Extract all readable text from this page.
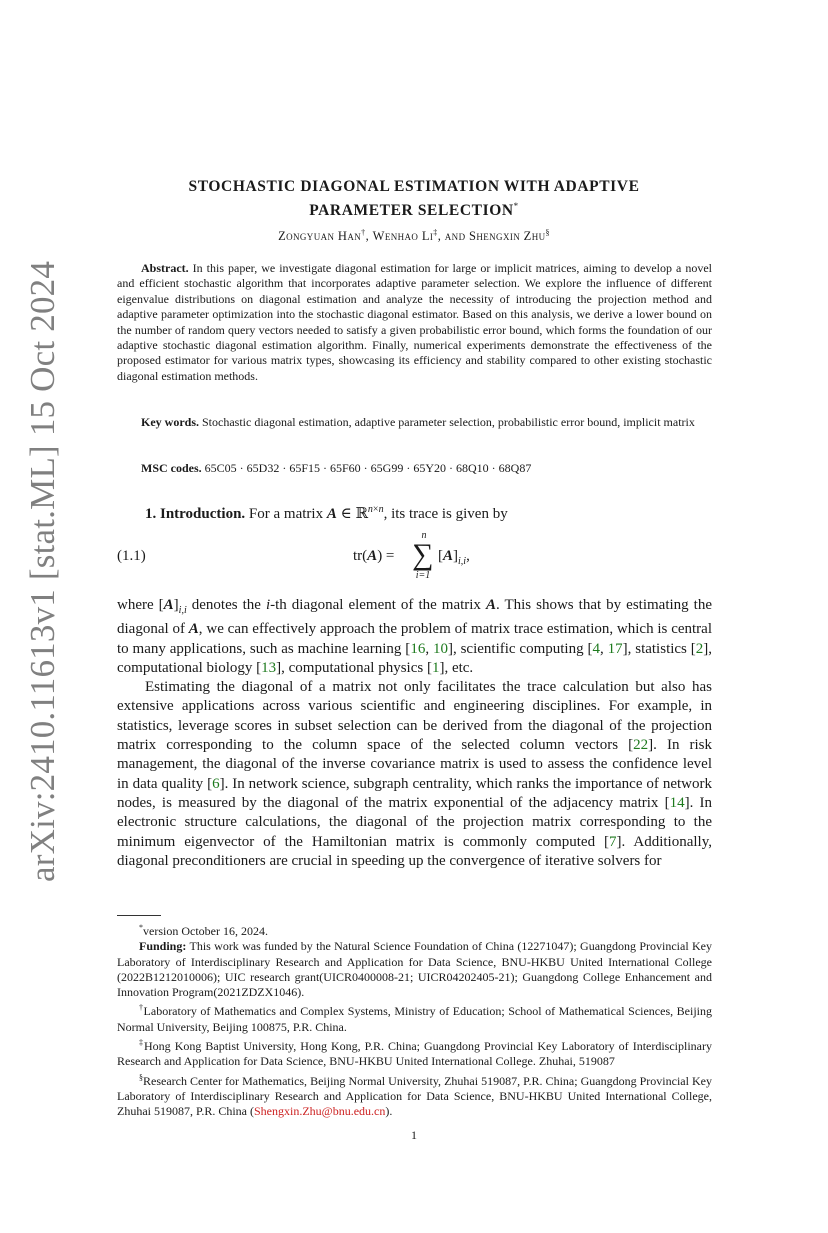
arXiv:2410.11613v1 [stat.ML] 15 Oct 2024
STOCHASTIC DIAGONAL ESTIMATION WITH ADAPTIVE
PARAMETER SELECTION*
Zongyuan Han†, Wenhao Li‡, and Shengxin Zhu§

Abstract. In this paper, we investigate diagonal estimation for large or implicit matrices, aiming to develop a novel and efficient stochastic algorithm that incorporates adaptive parameter selection. We explore the influence of different eigenvalue distributions on diagonal estimation and analyze the necessity of introducing the projection method and adaptive parameter optimization into the stochastic diagonal estimator. Based on this analysis, we derive a lower bound on the number of random query vectors needed to satisfy a given probabilistic error bound, which forms the foundation of our adaptive stochastic diagonal estimation algorithm. Finally, numerical experiments demonstrate the effectiveness of the proposed estimator for various matrix types, showcasing its efficiency and stability compared to other existing stochastic diagonal estimation methods.

Key words. Stochastic diagonal estimation, adaptive parameter selection, probabilistic error bound, implicit matrix

MSC codes. 65C05 · 65D32 · 65F15 · 65F60 · 65G99 · 65Y20 · 68Q10 · 68Q87

1. Introduction. For a matrix A ∈ ℝ$^{n\times n}$, its trace is given by

(1.1)	tr(A) =
n
∑
i=1
$[A]_{i,i}$,

where $[A]_{i,i}$ denotes the i-th diagonal element of the matrix A. This shows that by estimating the diagonal of A, we can effectively approach the problem of matrix trace estimation, which is central to many applications, such as machine learning [16, 10], scientific computing [4, 17], statistics [2], computational biology [13], computational physics [1], etc.

Estimating the diagonal of a matrix not only facilitates the trace calculation but also has extensive applications across various scientific and engineering disciplines. For example, in statistics, leverage scores in subset selection can be derived from the diagonal of the projection matrix corresponding to the column space of the selected column vectors [22]. In risk management, the diagonal of the inverse covariance matrix is used to assess the confidence level in data quality [6]. In network science, subgraph centrality, which ranks the importance of network nodes, is measured by the diagonal of the matrix exponential of the adjacency matrix [14]. In electronic structure calculations, the diagonal of the projection matrix corresponding to the minimum eigenvector of the Hamiltonian matrix is commonly computed [7]. Additionally, diagonal preconditioners are crucial in speeding up the convergence of iterative solvers for

*version October 16, 2024.

Funding: This work was funded by the Natural Science Foundation of China (12271047); Guangdong Provincial Key Laboratory of Interdisciplinary Research and Application for Data Science, BNU-HKBU United International College (2022B1212010006); UIC research grant(UICR0400008-21; UICR04202405-21); Guangdong College Enhancement and Innovation Program(2021ZDZX1046).

†Laboratory of Mathematics and Complex Systems, Ministry of Education; School of Mathematical Sciences, Beijing Normal University, Beijing 100875, P.R. China.

‡Hong Kong Baptist University, Hong Kong, P.R. China; Guangdong Provincial Key Laboratory of Interdisciplinary Research and Application for Data Science, BNU-HKBU United International College. Zhuhai, 519087

§Research Center for Mathematics, Beijing Normal University, Zhuhai 519087, P.R. China; Guangdong Provincial Key Laboratory of Interdisciplinary Research and Application for Data Science, BNU-HKBU United International College, Zhuhai 519087, P.R. China (Shengxin.Zhu@bnu.edu.cn).

1
